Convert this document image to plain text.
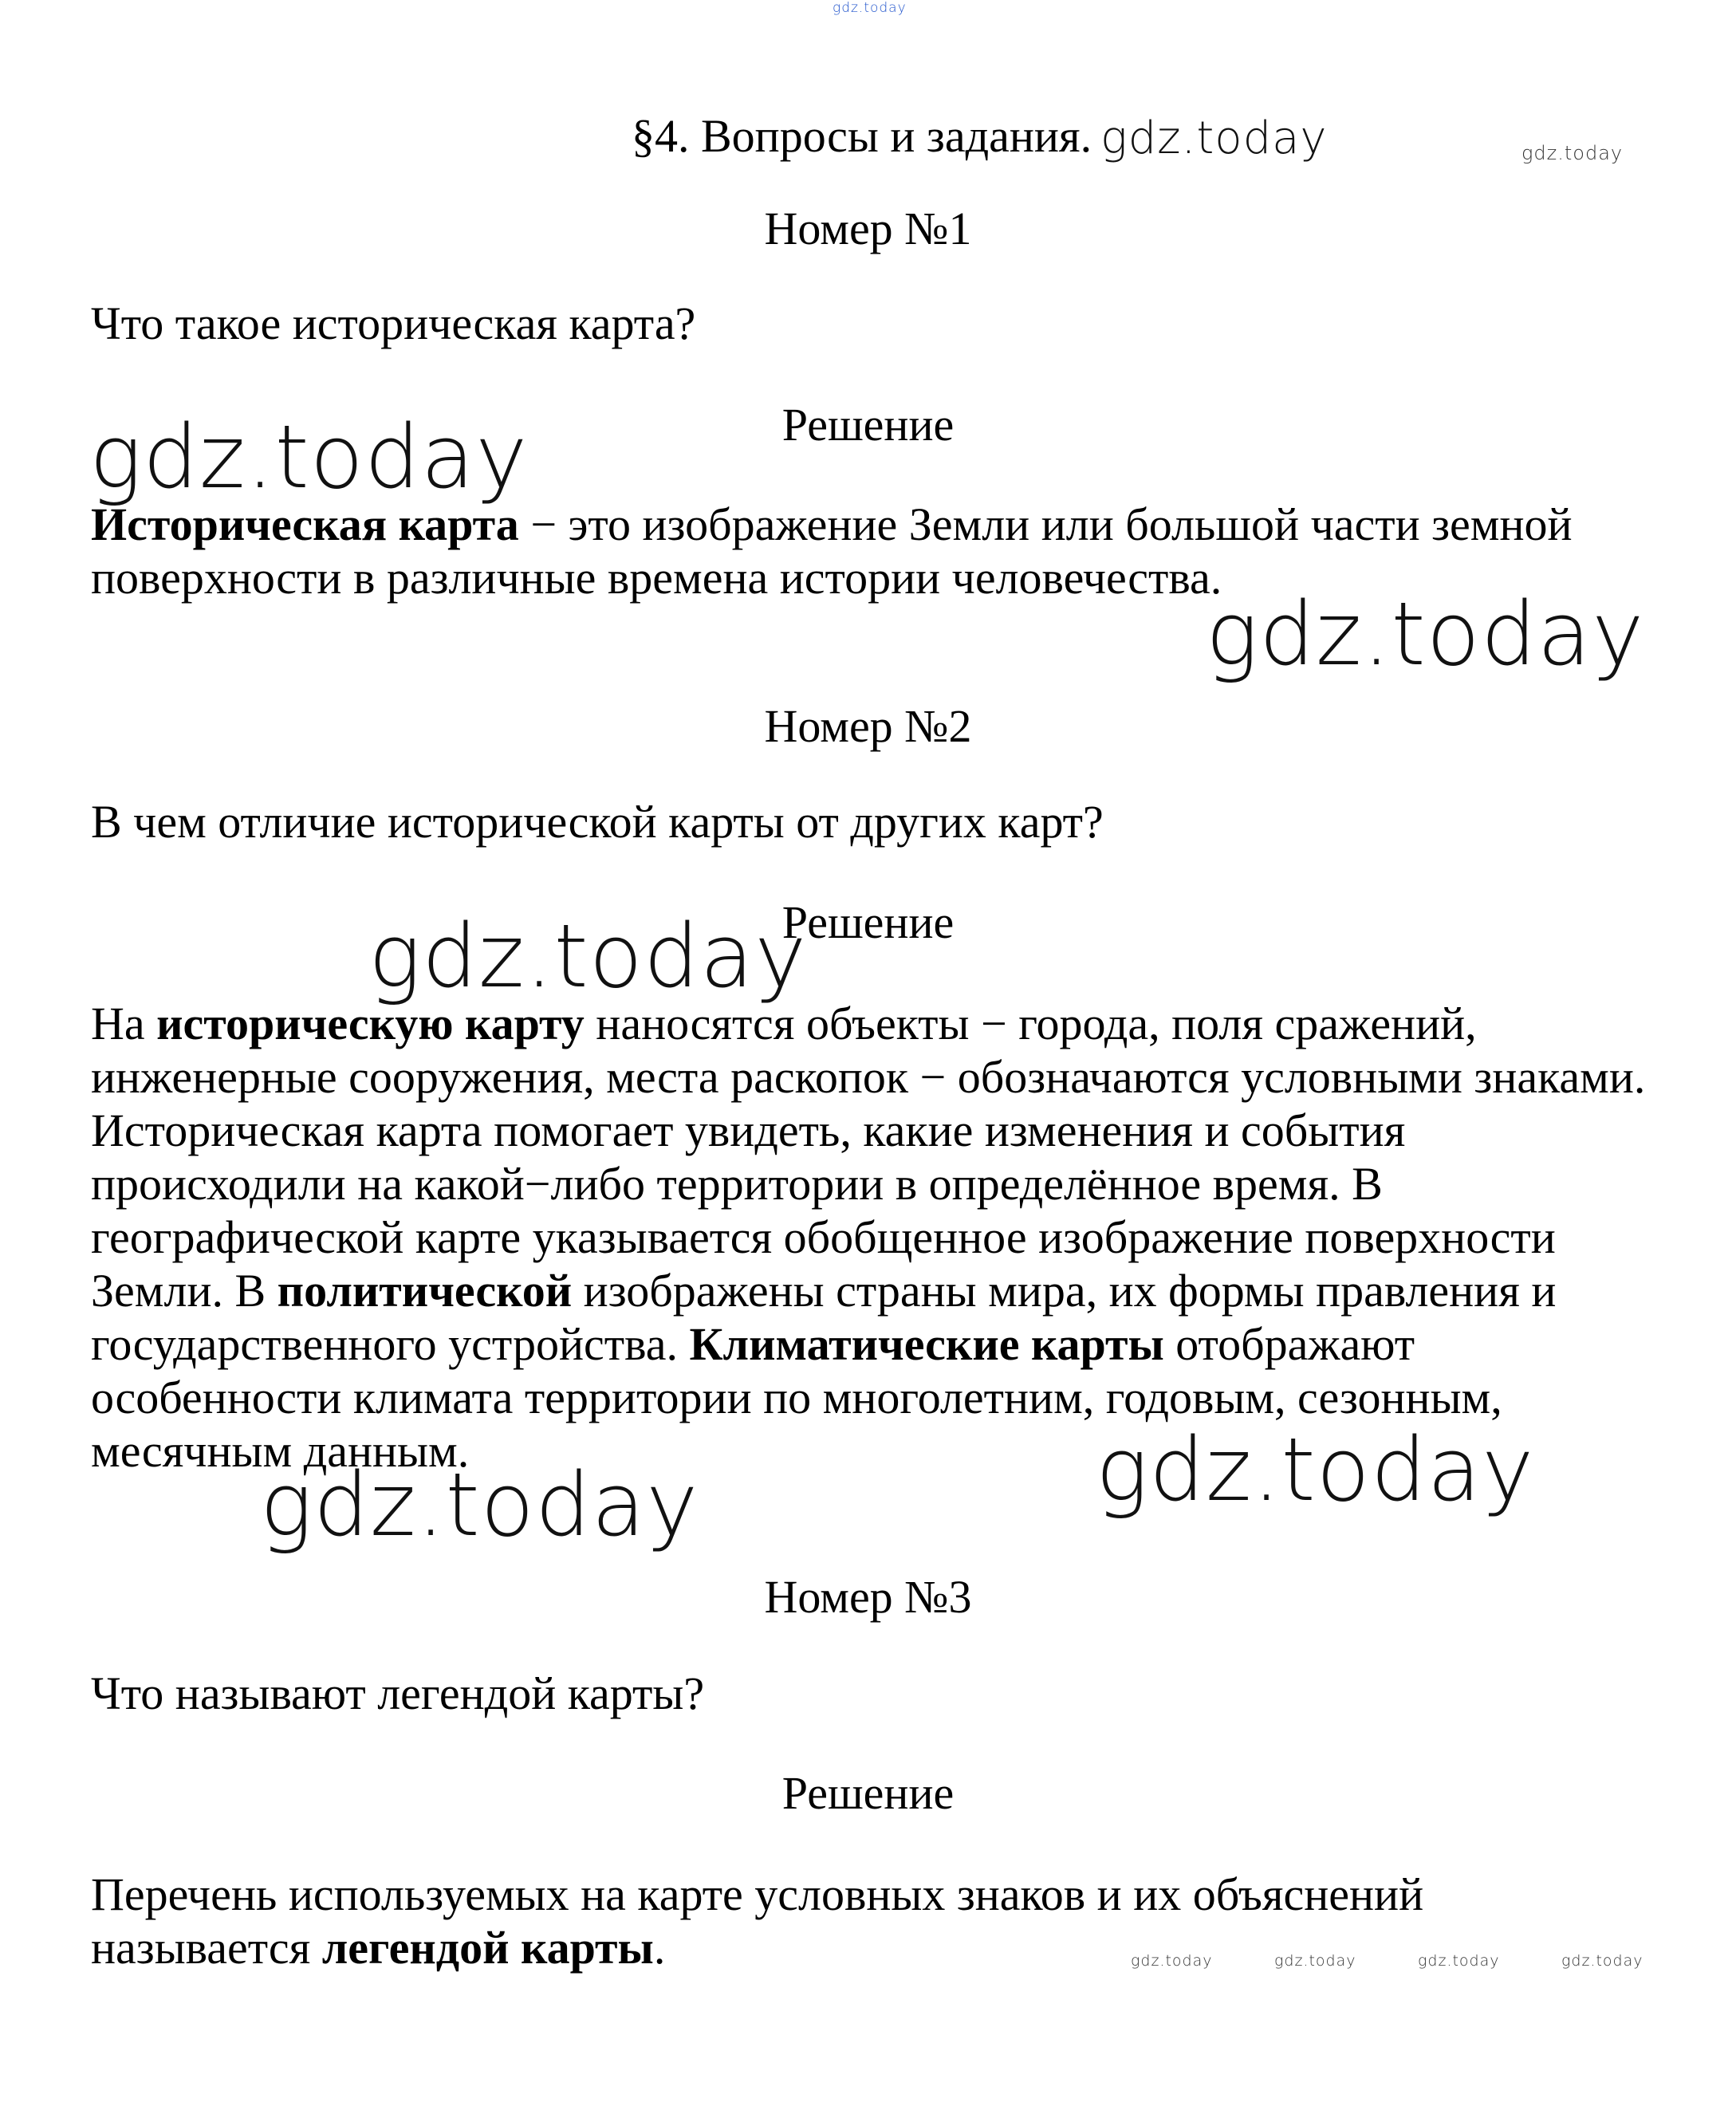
gdz.today
§4. Вопросы и задания. gdz.today	gdz.today
Номер №1
Что такое историческая карта?
Решение
gdz.today
Историческая карта − это изображение Земли или большой части земной поверхности в различные времена истории человечества.
gdz.today
Номер №2
В чем отличие исторической карты от других карт?
Решение
gdz.today
На историческую карту наносятся объекты − города, поля сражений, инженерные сооружения, места раскопок − обозначаются условными знаками. Историческая карта помогает увидеть, какие изменения и события происходили на какой−либо территории в определённое время. В географической карте указывается обобщенное изображение поверхности Земли. В политической изображены страны мира, их формы правления и государственного устройства. Климатические карты отображают особенности климата территории по многолетним, годовым, сезонным, месячным данным.	gdz.today
gdz.today
Номер №3
Что называют легендой карты?
Решение
Перечень используемых на карте условных знаков и их объяснений называется легендой карты.	gdz.today	gdz.today	gdz.today	gdz.today
